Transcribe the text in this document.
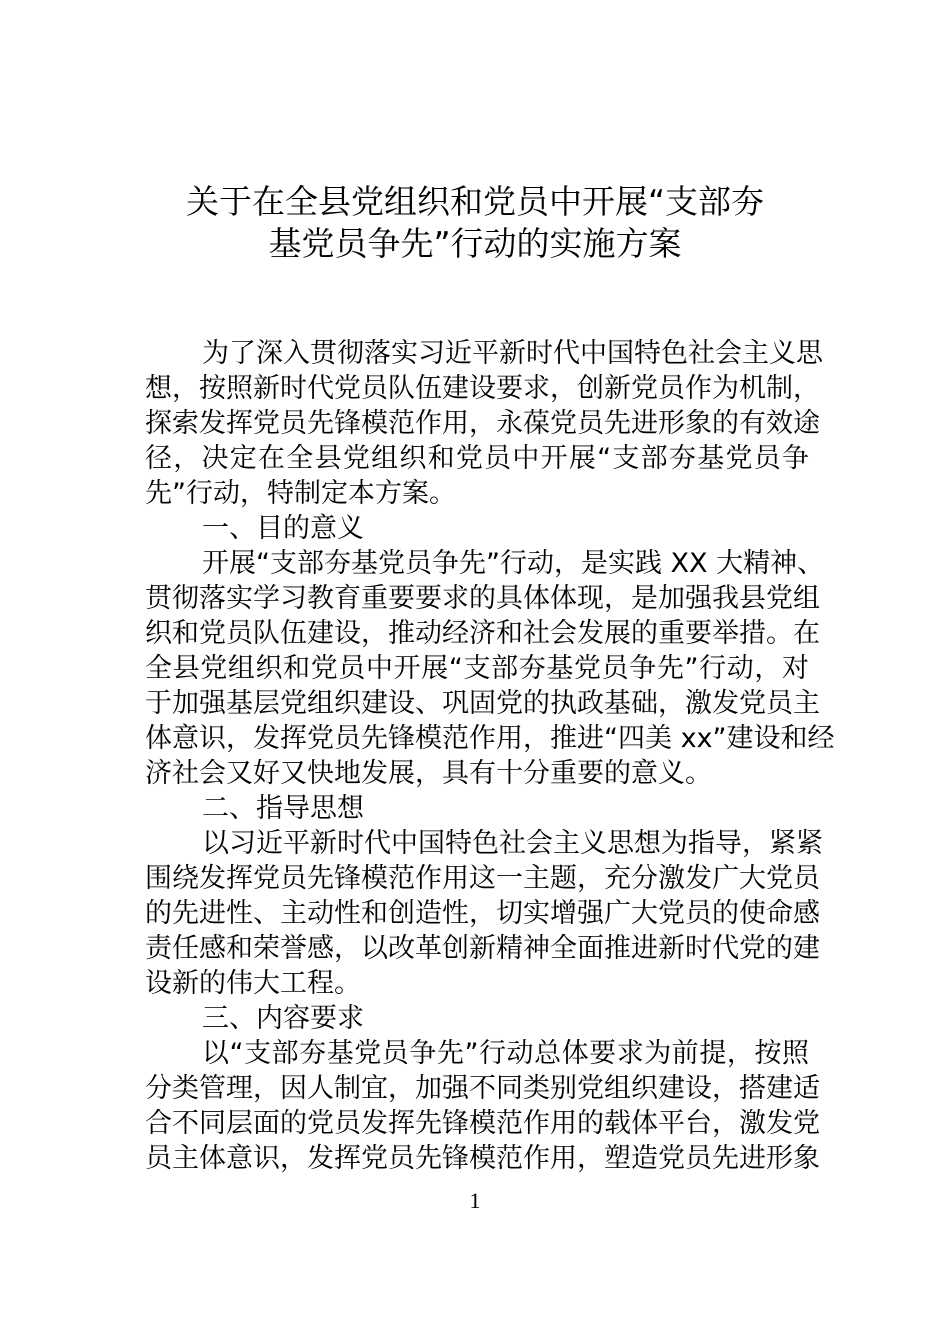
关于在全县党组织和党员中开展“支部夯
基党员争先”行动的实施方案
为了深入贯彻落实习近平新时代中国特色社会主义思
想，按照新时代党员队伍建设要求，创新党员作为机制，
探索发挥党员先锋模范作用，永葆党员先进形象的有效途
径，决定在全县党组织和党员中开展“支部夯基党员争
先”行动，特制定本方案。
一、目的意义
开展“支部夯基党员争先”行动，是实践 XX 大精神、
贯彻落实学习教育重要要求的具体体现，是加强我县党组
织和党员队伍建设，推动经济和社会发展的重要举措。在
全县党组织和党员中开展“支部夯基党员争先”行动，对
于加强基层党组织建设、巩固党的执政基础，激发党员主
体意识，发挥党员先锋模范作用，推进“四美 xx”建设和经
济社会又好又快地发展，具有十分重要的意义。
二、指导思想
以习近平新时代中国特色社会主义思想为指导，紧紧
围绕发挥党员先锋模范作用这一主题，充分激发广大党员
的先进性、主动性和创造性，切实增强广大党员的使命感
责任感和荣誉感，以改革创新精神全面推进新时代党的建
设新的伟大工程。
三、内容要求
以“支部夯基党员争先”行动总体要求为前提，按照
分类管理，因人制宜，加强不同类别党组织建设，搭建适
合不同层面的党员发挥先锋模范作用的载体平台，激发党
员主体意识，发挥党员先锋模范作用，塑造党员先进形象
1
